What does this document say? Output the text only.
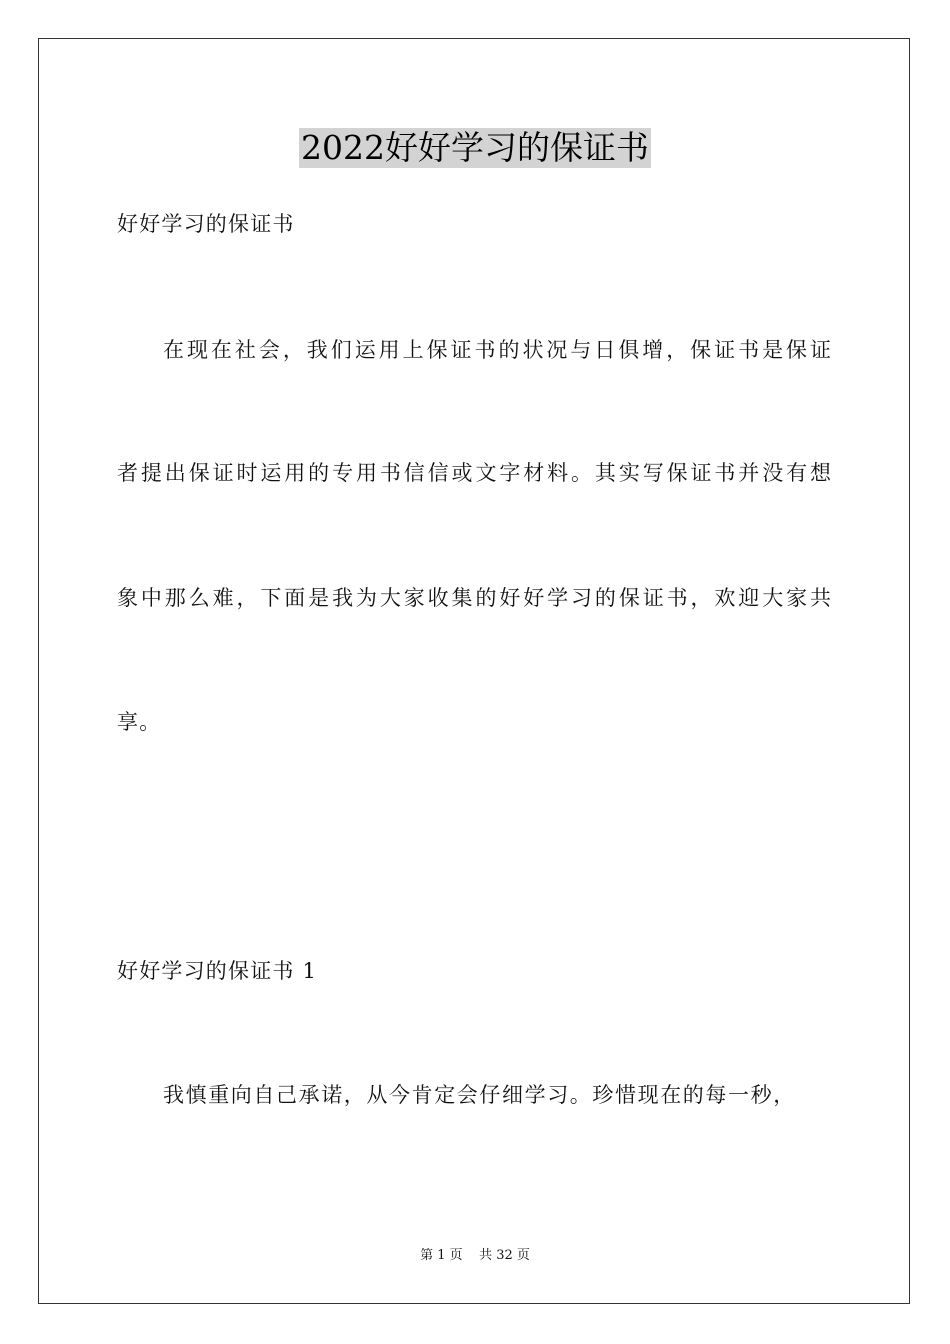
2022好好学习的保证书
好好学习的保证书
在现在社会，我们运用上保证书的状况与日俱增，保证书是保证
者提出保证时运用的专用书信信或文字材料。其实写保证书并没有想
象中那么难，下面是我为大家收集的好好学习的保证书，欢迎大家共
享。
好好学习的保证书 1
我慎重向自己承诺，从今肯定会仔细学习。珍惜现在的每一秒，
第 1 页    共 32 页
